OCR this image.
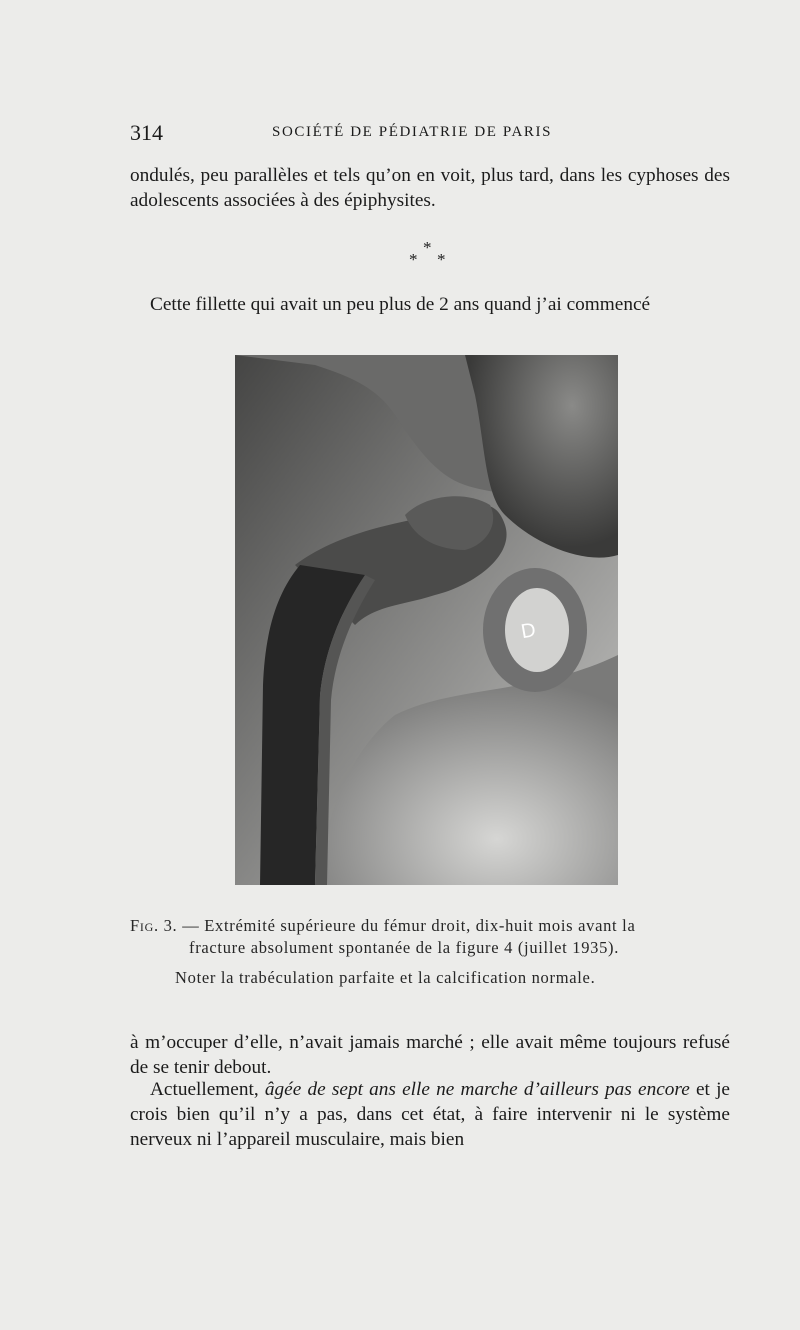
314	SOCIÉTÉ DE PÉDIATRIE DE PARIS

ondulés, peu parallèles et tels qu’on en voit, plus tard, dans les cyphoses des adolescents associées à des épiphysites.

*
* *

Cette fillette qui avait un peu plus de 2 ans quand j’ai commencé

D

Fig. 3. — Extrémité supérieure du fémur droit, dix-huit mois avant la

fracture absolument spontanée de la figure 4 (juillet 1935).

Noter la trabéculation parfaite et la calcification normale.

à m’occuper d’elle, n’avait jamais marché ; elle avait même toujours refusé de se tenir debout.

Actuellement, âgée de sept ans elle ne marche d’ailleurs pas encore et je crois bien qu’il n’y a pas, dans cet état, à faire intervenir ni le système nerveux ni l’appareil musculaire, mais bien
